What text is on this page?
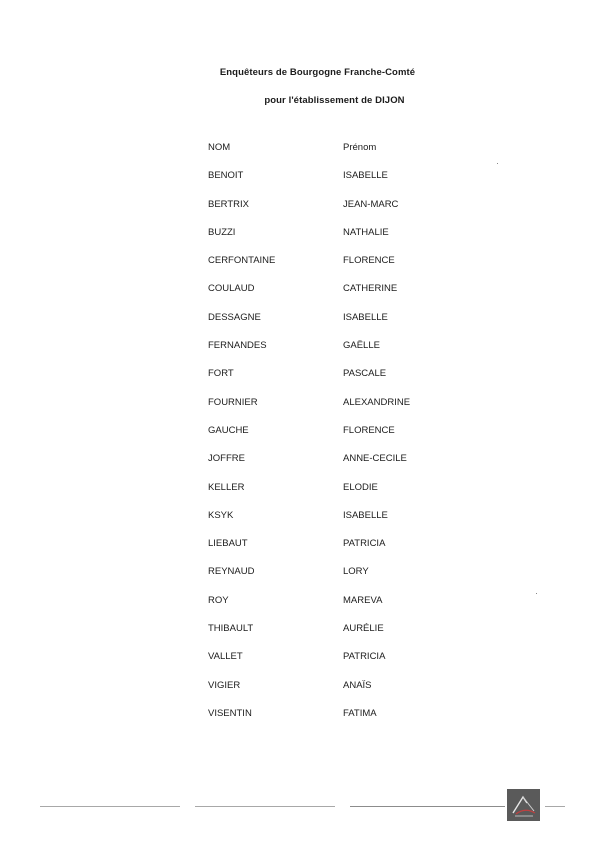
Enquêteurs de Bourgogne Franche-Comté
pour l'établissement de DIJON
NOM	Prénom
BENOIT	ISABELLE
BERTRIX	JEAN-MARC
BUZZI	NATHALIE
CERFONTAINE	FLORENCE
COULAUD	CATHERINE
DESSAGNE	ISABELLE
FERNANDES	GAËLLE
FORT	PASCALE
FOURNIER	ALEXANDRINE
GAUCHE	FLORENCE
JOFFRE	ANNE-CECILE
KELLER	ELODIE
KSYK	ISABELLE
LIEBAUT	PATRICIA
REYNAUD	LORY
ROY	MAREVA
THIBAULT	AURÉLIE
VALLET	PATRICIA
VIGIER	ANAÏS
VISENTIN	FATIMA
